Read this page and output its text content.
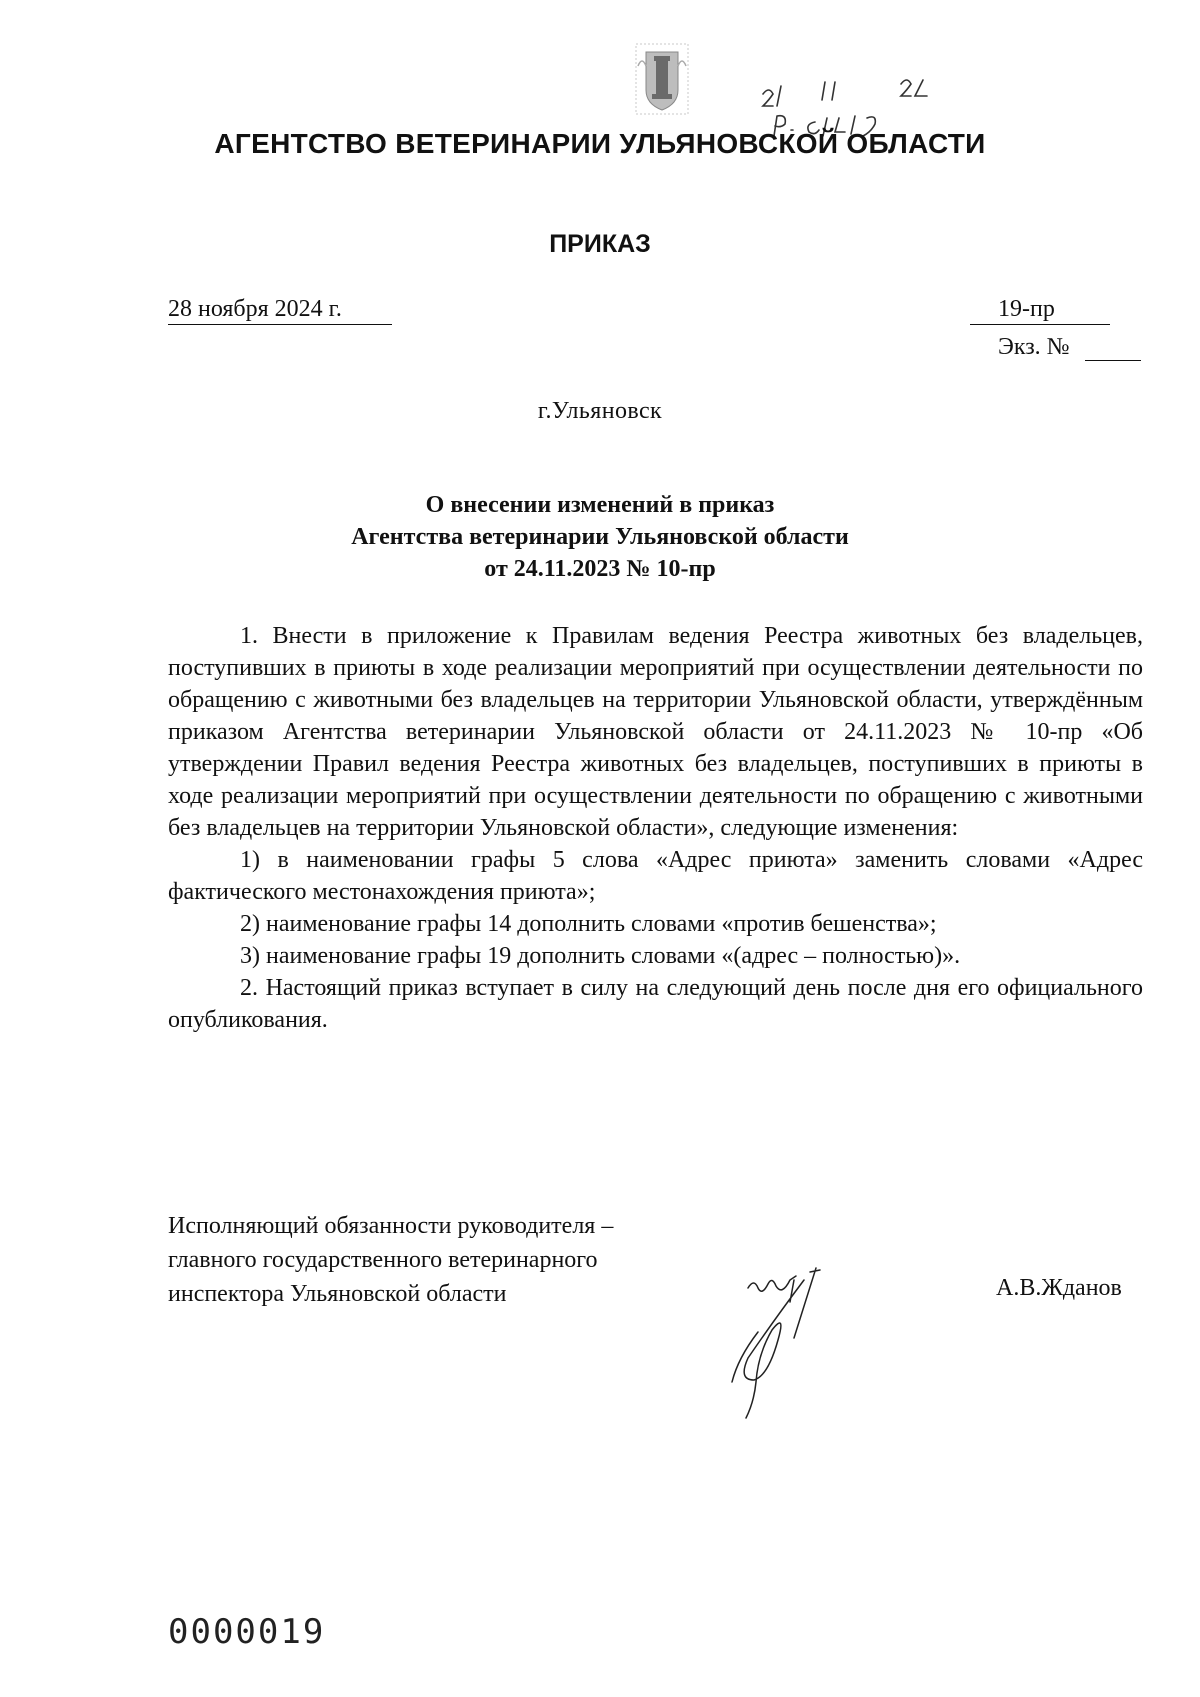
АГЕНТСТВО ВЕТЕРИНАРИИ УЛЬЯНОВСКОЙ ОБЛАСТИ
ПРИКАЗ
28 ноября 2024 г.	19-пр
Экз. №
г.Ульяновск
О внесении изменений в приказ
Агентства ветеринарии Ульяновской области
от 24.11.2023 № 10-пр

1. Внести в приложение к Правилам ведения Реестра животных без владельцев, поступивших в приюты в ходе реализации мероприятий при осуществлении деятельности по обращению с животными без владельцев на территории Ульяновской области, утверждённым приказом Агентства ветеринарии Ульяновской области от 24.11.2023 № 10-пр «Об утверждении Правил ведения Реестра животных без владельцев, поступивших в приюты в ходе реализации мероприятий при осуществлении деятельности по обращению с животными без владельцев на территории Ульяновской области», следующие изменения:

1) в наименовании графы 5 слова «Адрес приюта» заменить словами «Адрес фактического местонахождения приюта»;

2) наименование графы 14 дополнить словами «против бешенства»;

3) наименование графы 19 дополнить словами «(адрес – полностью)».

2. Настоящий приказ вступает в силу на следующий день после дня его официального опубликования.

Исполняющий обязанности руководителя –
главного государственного ветеринарного
инспектора Ульяновской области	А.В.Жданов
0000019
